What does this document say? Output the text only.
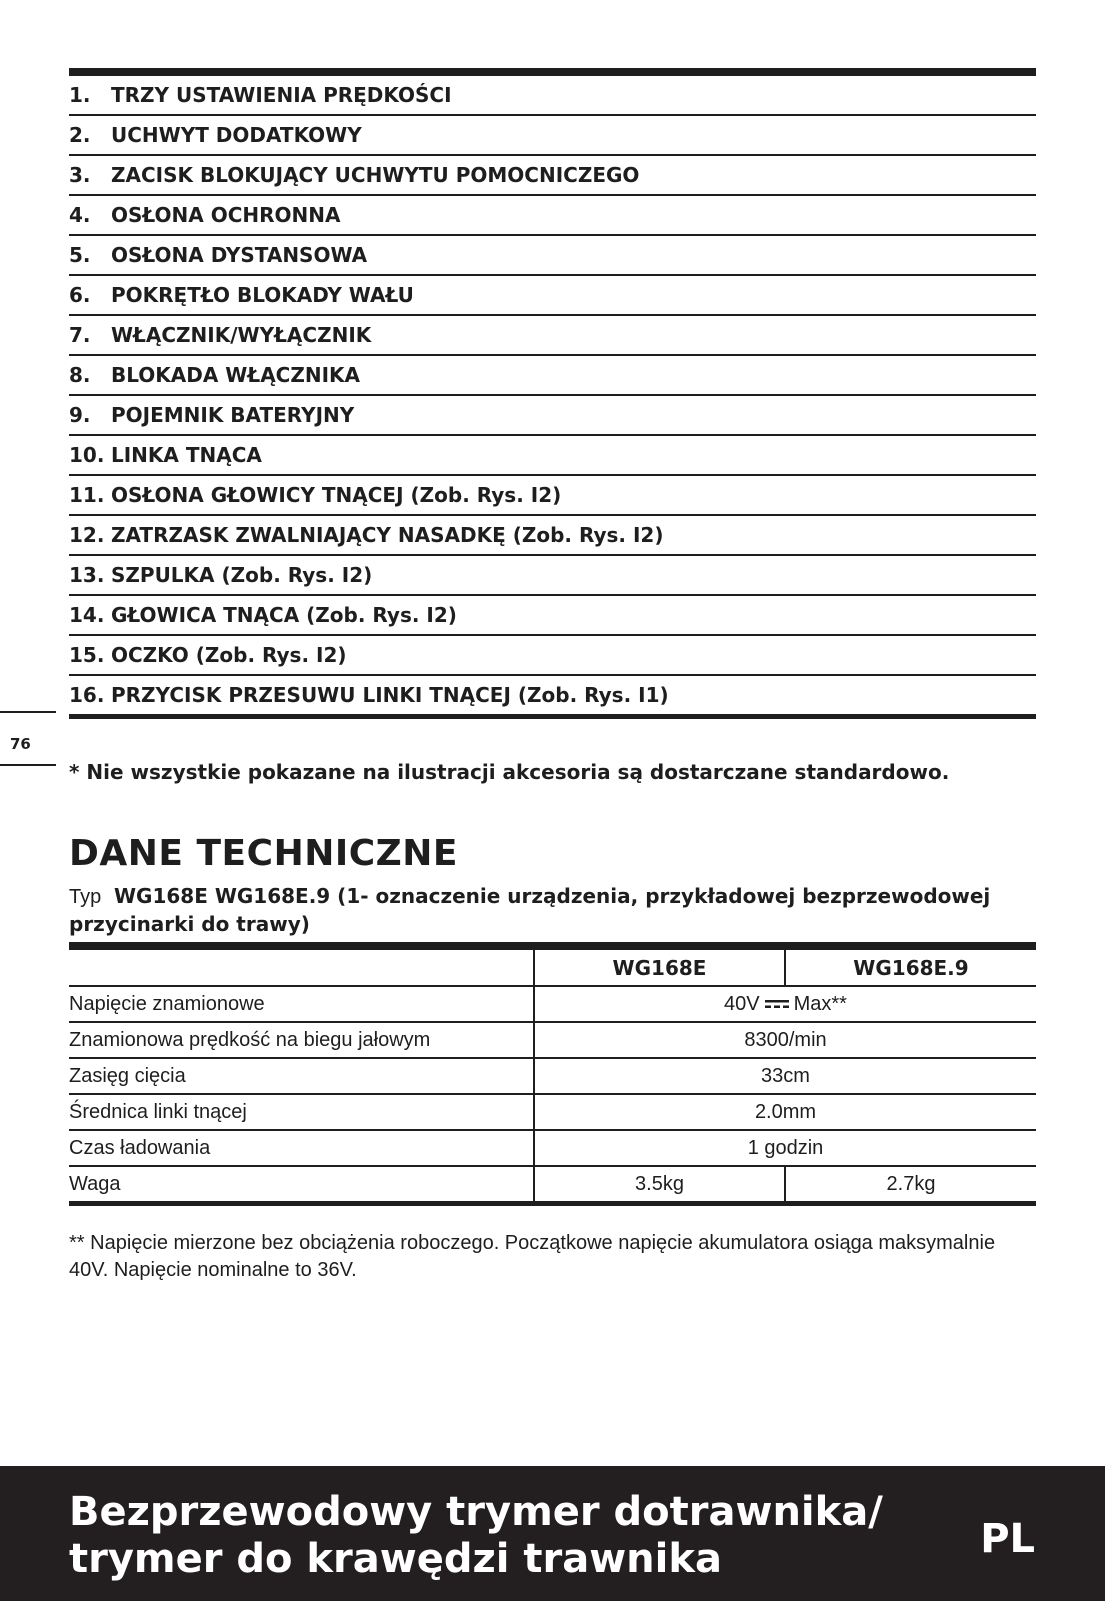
1.	TRZY USTAWIENIA PRĘDKOŚCI
2.	UCHWYT DODATKOWY
3.	ZACISK BLOKUJĄCY UCHWYTU POMOCNICZEGO
4.	OSŁONA OCHRONNA
5.	OSŁONA DYSTANSOWA
6.	POKRĘTŁO BLOKADY WAŁU
7.	WŁĄCZNIK/WYŁĄCZNIK
8.	BLOKADA WŁĄCZNIKA
9.	POJEMNIK BATERYJNY
10. LINKA TNĄCA
11. OSŁONA GŁOWICY TNĄCEJ (Zob. Rys. I2)
12. ZATRZASK ZWALNIAJĄCY NASADKĘ (Zob. Rys. I2)
13. SZPULKA (Zob. Rys. I2)
14. GŁOWICA TNĄCA (Zob. Rys. I2)
15. OCZKO (Zob. Rys. I2)
16. PRZYCISK PRZESUWU LINKI TNĄCEJ (Zob. Rys. I1)
76
* Nie wszystkie pokazane na ilustracji akcesoria są dostarczane standardowo.
DANE TECHNICZNE
Typ WG168E WG168E.9 (1- oznaczenie urządzenia, przykładowej bezprzewodowej przycinarki do trawy)
	WG168E	WG168E.9
Napięcie znamionowe	40V Max**	
Znamionowa prędkość na biegu jałowym	8300/min	
Zasięg cięcia	33cm	
Średnica linki tnącej	2.0mm	
Czas ładowania	1 godzin	
Waga	3.5kg	2.7kg
** Napięcie mierzone bez obciążenia roboczego. Początkowe napięcie akumulatora osiąga maksymalnie 40V. Napięcie nominalne to 36V.
Bezprzewodowy trymer dotrawnika/
trymer do krawędzi trawnika	PL
